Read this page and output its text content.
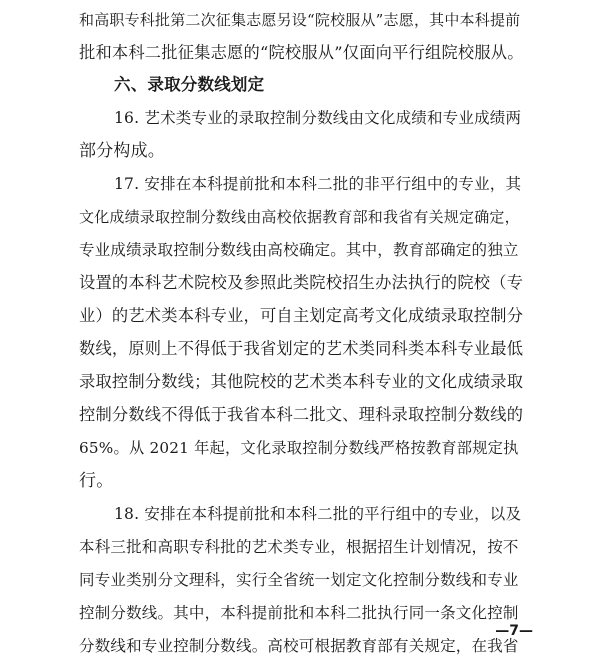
和高职专科批第二次征集志愿另设“院校服从”志愿，其中本科提前
批和本科二批征集志愿的“院校服从”仅面向平行组院校服从。
六、录取分数线划定
16. 艺术类专业的录取控制分数线由文化成绩和专业成绩两
部分构成。
17. 安排在本科提前批和本科二批的非平行组中的专业，其
文化成绩录取控制分数线由高校依据教育部和我省有关规定确定，
专业成绩录取控制分数线由高校确定。其中，教育部确定的独立
设置的本科艺术院校及参照此类院校招生办法执行的院校（专
业）的艺术类本科专业，可自主划定高考文化成绩录取控制分
数线，原则上不得低于我省划定的艺术类同科类本科专业最低
录取控制分数线；其他院校的艺术类本科专业的文化成绩录取
控制分数线不得低于我省本科二批文、理科录取控制分数线的
65%。从 2021 年起，文化录取控制分数线严格按教育部规定执
行。
18. 安排在本科提前批和本科二批的平行组中的专业，以及
本科三批和高职专科批的艺术类专业，根据招生计划情况，按不
同专业类别分文理科，实行全省统一划定文化控制分数线和专业
控制分数线。其中，本科提前批和本科二批执行同一条文化控制
分数线和专业控制分数线。高校可根据教育部有关规定，在我省
—7—
